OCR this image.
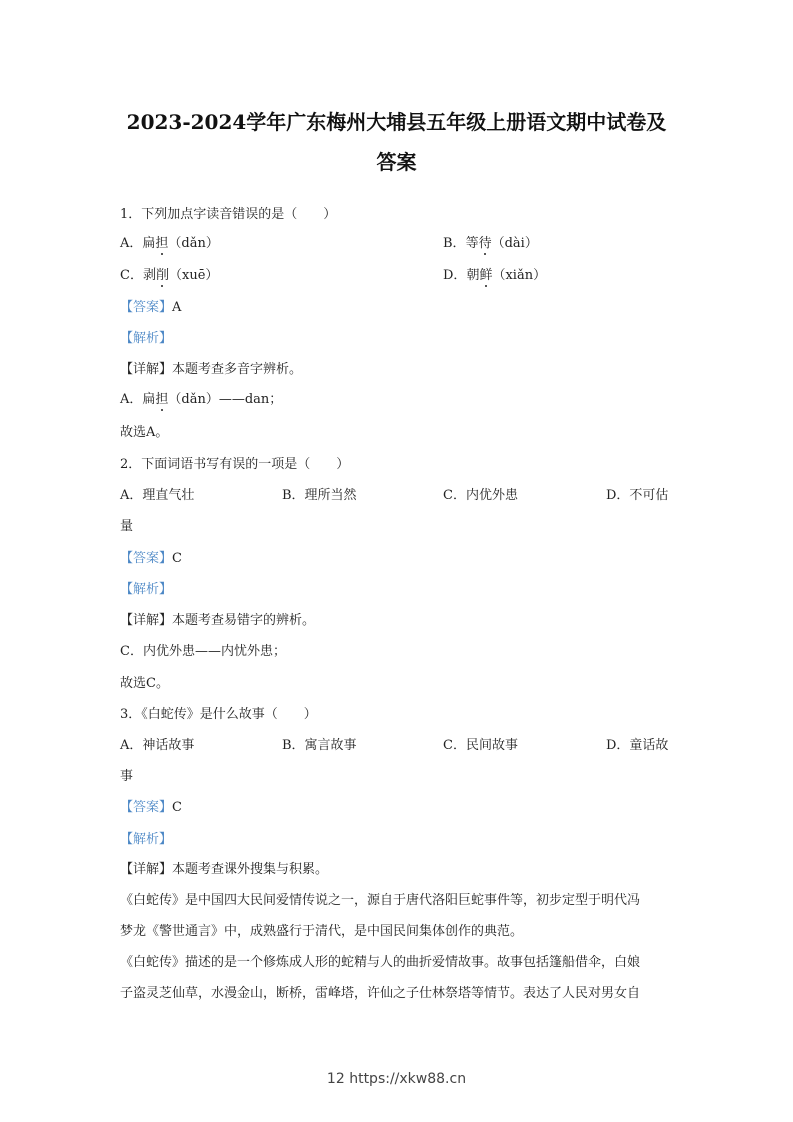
2023-2024学年广东梅州大埔县五年级上册语文期中试卷及
答案
1．下列加点字读音错误的是（　　）
A．扁担（dǎn）	B．等待（dài）
C．剥削（xuē）	D．朝鲜（xiǎn）
【答案】A
【解析】
【详解】本题考查多音字辨析。
A．扁担（dǎn）——dan；
故选A。
2．下面词语书写有误的一项是（　　）
A．理直气壮	B．理所当然	C．内优外患	D．不可估
量
【答案】C
【解析】
【详解】本题考查易错字的辨析。
C．内优外患——内忧外患；
故选C。
3．《白蛇传》是什么故事（　　）
A．神话故事	B．寓言故事	C．民间故事	D．童话故
事
【答案】C
【解析】
【详解】本题考查课外搜集与积累。
《白蛇传》是中国四大民间爱情传说之一，源自于唐代洛阳巨蛇事件等，初步定型于明代冯
梦龙《警世通言》中，成熟盛行于清代，是中国民间集体创作的典范。
《白蛇传》描述的是一个修炼成人形的蛇精与人的曲折爱情故事。故事包括篷船借伞，白娘
子盗灵芝仙草，水漫金山，断桥，雷峰塔，许仙之子仕林祭塔等情节。表达了人民对男女自
12 https://xkw88.cn
